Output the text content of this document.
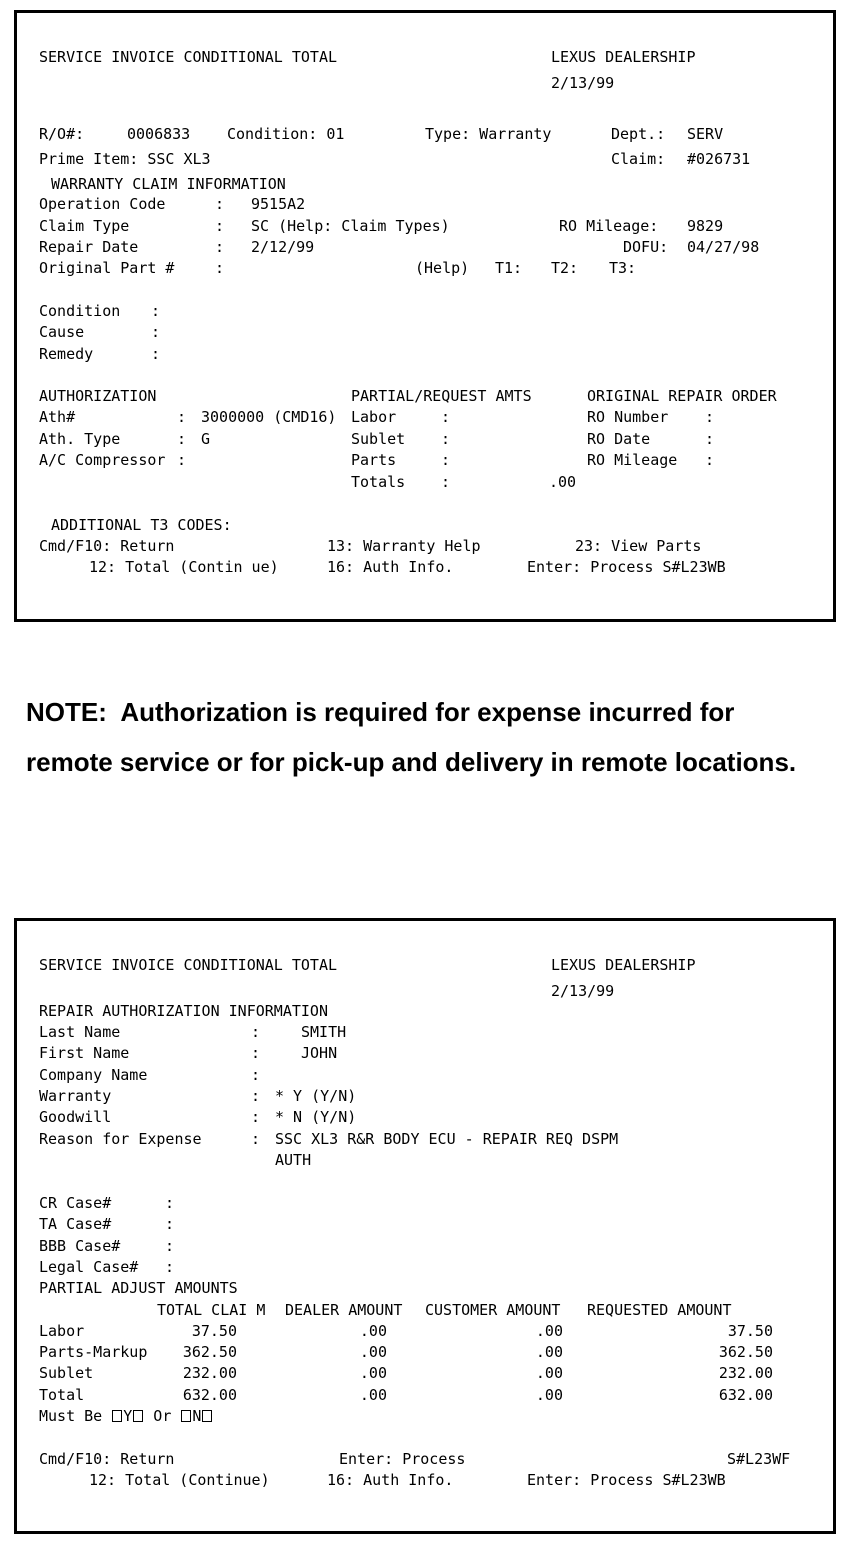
SERVICE INVOICE CONDITIONAL TOTAL	LEXUS DEALERSHIP
2/13/99
R/O#:	0006833 Condition: 01	Type: Warranty	Dept.: SERV
Prime Item: SSC XL3	Claim: #026731
WARRANTY CLAIM INFORMATION
Operation Code	: 9515A2
Claim Type	: SC (Help: Claim Types)	RO Mileage: 9829
Repair Date	: 2/12/99	DOFU: 04/27/98
Original Part #	:	(Help) T1: T2: T3:
Condition :
Cause	:
Remedy	:
AUTHORIZATION	PARTIAL/REQUEST AMTS	ORIGINAL REPAIR ORDER
Ath#	: 3000000 (CMD16) Labor	:	RO Number :
Ath. Type	: G	Sublet :	RO Date	:
A/C Compressor :	Parts	:	RO Mileage :
Totals :	.00
ADDITIONAL T3 CODES:
Cmd/F10: Return	13: Warranty Help	23: View Parts
12: Total (Contin ue)	16: Auth Info.	Enter: Process S#L23WB
NOTE:  Authorization is required for expense incurred for
remote service or for pick-up and delivery in remote locations.
SERVICE INVOICE CONDITIONAL TOTAL	LEXUS DEALERSHIP
2/13/99
REPAIR AUTHORIZATION INFORMATION
Last Name	:	SMITH
First Name	:	JOHN
Company Name	:
Warranty	: * Y (Y/N)
Goodwill	: * N (Y/N)
Reason for Expense	: SSC XL3 R&R BODY ECU - REPAIR REQ DSPM
AUTH
CR Case#	:
TA Case#	:
BBB Case#	:
Legal Case# :
PARTIAL ADJUST AMOUNTS
TOTAL CLAI M DEALER AMOUNT CUSTOMER AMOUNT REQUESTED AMOUNT
Labor	37.50	.00	.00	37.50
Parts-Markup	362.50	.00	.00	362.50
Sublet	232.00	.00	.00	232.00
Total	632.00	.00	.00	632.00
Must Be Y Or N
Cmd/F10: Return	Enter: Process	S#L23WF
12: Total (Continue)	16: Auth Info.	Enter: Process S#L23WB
